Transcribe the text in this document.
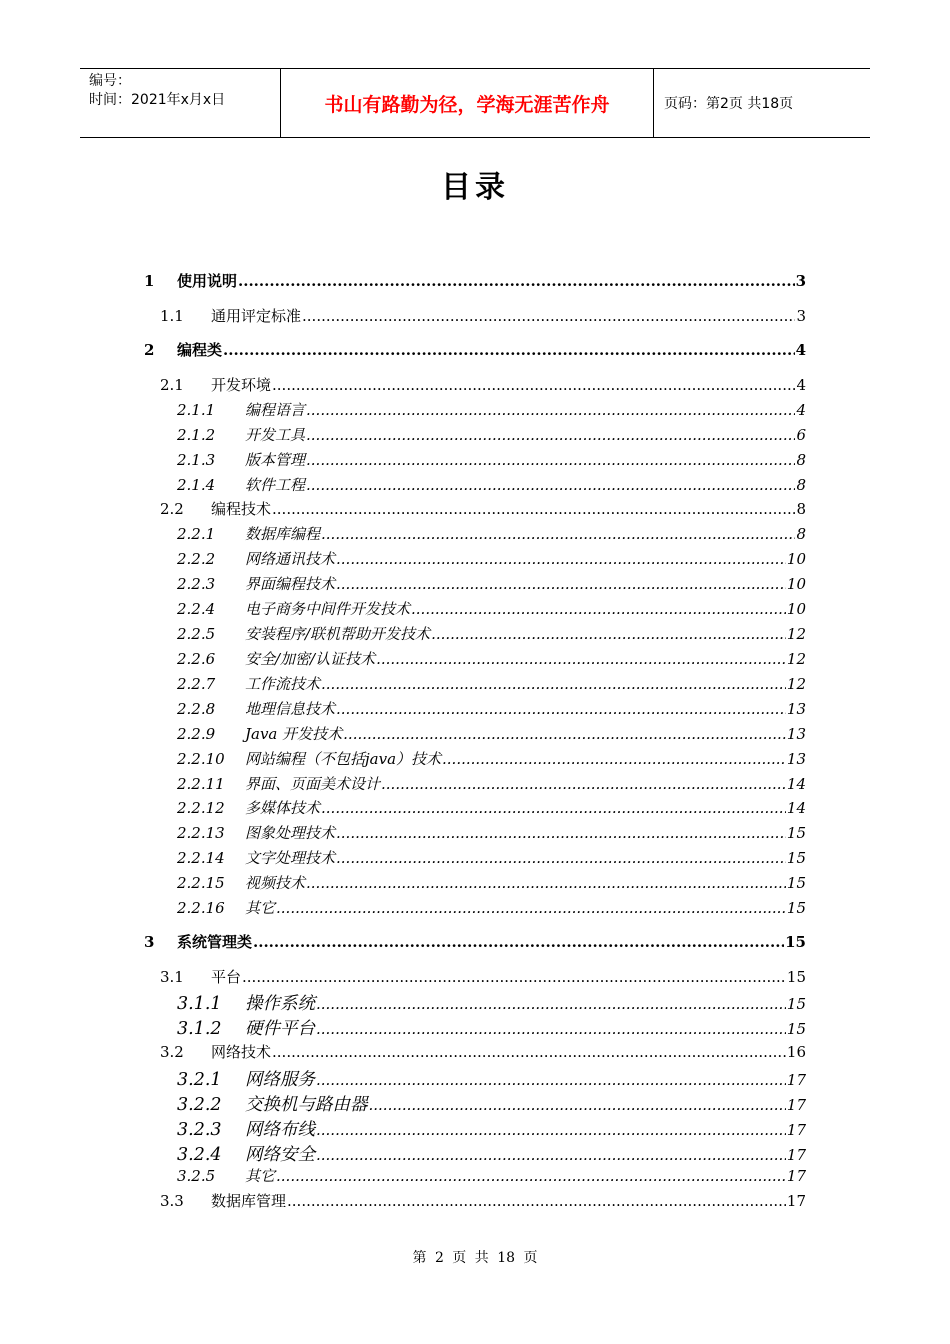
编号：
时间：2021年x月x日	书山有路勤为径，学海无涯苦作舟	页码：第2页 共18页
目录
1	使用说明 .....	3
1.1	通用评定标准 .....	3
2	编程类 .....	4
2.1	开发环境 .....	4
2.1.1	编程语言 .....	4
2.1.2	开发工具 .....	6
2.1.3	版本管理 .....	8
2.1.4	软件工程 .....	8
2.2	编程技术 .....	8
2.2.1	数据库编程 .....	8
2.2.2	网络通讯技术 .....	10
2.2.3	界面编程技术 .....	10
2.2.4	电子商务中间件开发技术 .....	10
2.2.5	安装程序/联机帮助开发技术 .....	12
2.2.6	安全/加密/认证技术 .....	12
2.2.7	工作流技术 .....	12
2.2.8	地理信息技术 .....	13
2.2.9	Java 开发技术 .....	13
2.2.10	网站编程（不包括java）技术 .....	13
2.2.11	界面、页面美术设计 .....	14
2.2.12	多媒体技术 .....	14
2.2.13	图象处理技术 .....	15
2.2.14	文字处理技术 .....	15
2.2.15	视频技术 .....	15
2.2.16	其它 .....	15
3	系统管理类 .....	15
3.1	平台 .....	15
3.1.1	操作系统 .....	15
3.1.2	硬件平台 .....	15
3.2	网络技术 .....	16
3.2.1	网络服务 .....	17
3.2.2	交换机与路由器 .....	17
3.2.3	网络布线 .....	17
3.2.4	网络安全 .....	17
3.2.5	其它 .....	17
3.3	数据库管理 .....	17
第 2 页 共 18 页
